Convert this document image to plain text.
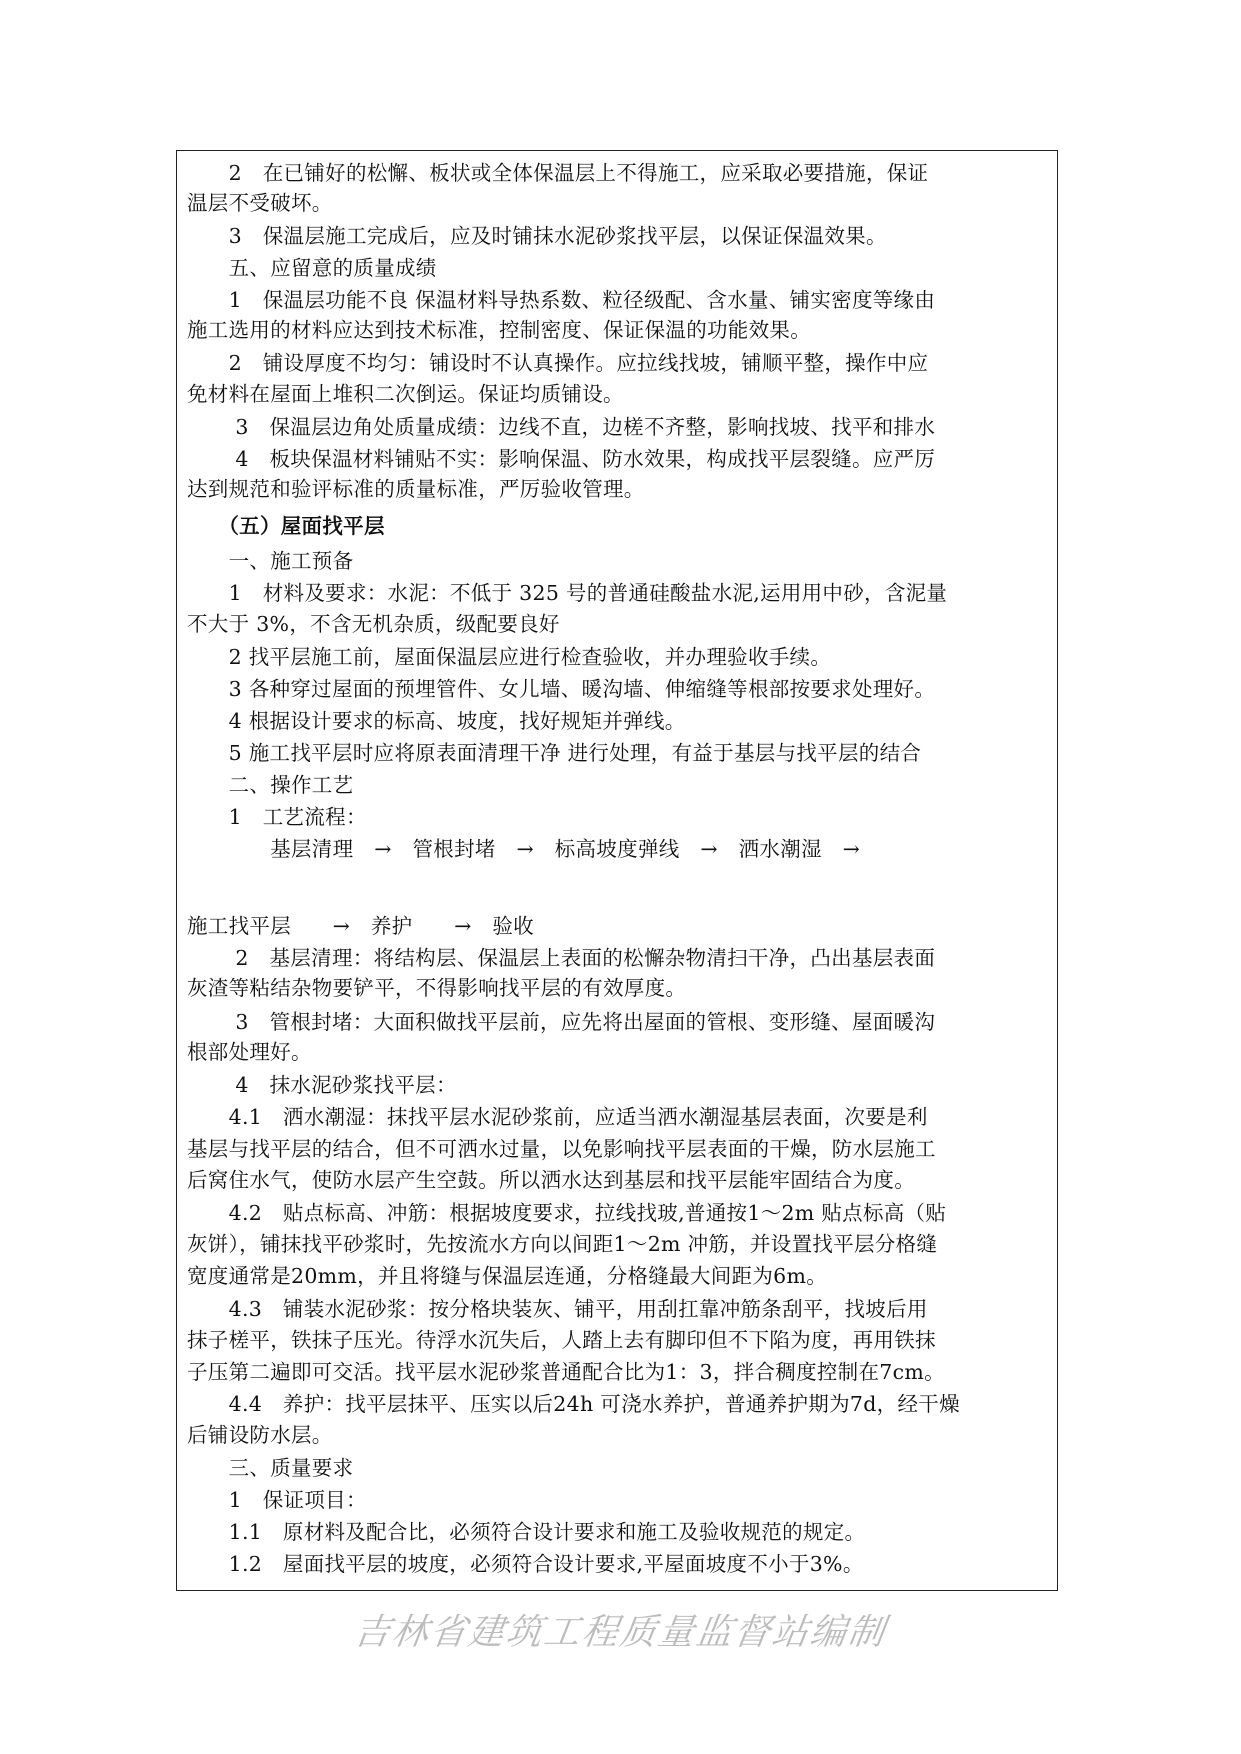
　　2　在已铺好的松懈、板状或全体保温层上不得施工，应采取必要措施，保证
温层不受破坏。
　　3　保温层施工完成后，应及时铺抹水泥砂浆找平层，以保证保温效果。
　　五、应留意的质量成绩
　　1　保温层功能不良 保温材料导热系数、粒径级配、含水量、铺实密度等缘由
施工选用的材料应达到技术标准，控制密度、保证保温的功能效果。
　　2　铺设厚度不均匀：铺设时不认真操作。应拉线找坡，铺顺平整，操作中应
免材料在屋面上堆积二次倒运。保证均质铺设。
　　 3　保温层边角处质量成绩：边线不直，边槎不齐整，影响找坡、找平和排水
　　 4　板块保温材料铺贴不实：影响保温、防水效果，构成找平层裂缝。应严厉
达到规范和验评标准的质量标准，严厉验收管理。
　　（五）屋面找平层
　　一、施工预备
　　1　材料及要求：水泥：不低于 325 号的普通硅酸盐水泥,运用用中砂，含泥量
不大于 3%，不含无机杂质，级配要良好
　　2 找平层施工前，屋面保温层应进行检查验收，并办理验收手续。
　　3 各种穿过屋面的预埋管件、女儿墙、暖沟墙、伸缩缝等根部按要求处理好。
　　4 根据设计要求的标高、坡度，找好规矩并弹线。
　　5 施工找平层时应将原表面清理干净 进行处理，有益于基层与找平层的结合
　　二、操作工艺
　　1　工艺流程：
　　　　基层清理　→　管根封堵　→　标高坡度弹线　→　洒水潮湿　→
施工找平层　　→　养护　　→　验收
　　 2　基层清理：将结构层、保温层上表面的松懈杂物清扫干净，凸出基层表面
灰渣等粘结杂物要铲平，不得影响找平层的有效厚度。
　　 3　管根封堵：大面积做找平层前，应先将出屋面的管根、变形缝、屋面暖沟
根部处理好。
　　 4　抹水泥砂浆找平层：
　　4.1　洒水潮湿：抹找平层水泥砂浆前，应适当洒水潮湿基层表面，次要是利
基层与找平层的结合，但不可洒水过量，以免影响找平层表面的干燥，防水层施工
后窝住水气，使防水层产生空鼓。所以洒水达到基层和找平层能牢固结合为度。
　　4.2　贴点标高、冲筋：根据坡度要求，拉线找玻,普通按1～2m 贴点标高（贴
灰饼），铺抹找平砂浆时，先按流水方向以间距1～2m 冲筋，并设置找平层分格缝
宽度通常是20mm，并且将缝与保温层连通，分格缝最大间距为6m。
　　4.3　铺装水泥砂浆：按分格块装灰、铺平，用刮扛靠冲筋条刮平，找坡后用
抹子槎平，铁抹子压光。待浮水沉失后，人踏上去有脚印但不下陷为度，再用铁抹
子压第二遍即可交活。找平层水泥砂浆普通配合比为1：3，拌合稠度控制在7cm。
　　4.4　养护：找平层抹平、压实以后24h 可浇水养护，普通养护期为7d，经干燥
后铺设防水层。
　　三、质量要求
　　1　保证项目：
　　1.1　原材料及配合比，必须符合设计要求和施工及验收规范的规定。
　　1.2　屋面找平层的坡度，必须符合设计要求,平屋面坡度不小于3%。
吉林省建筑工程质量监督站编制
